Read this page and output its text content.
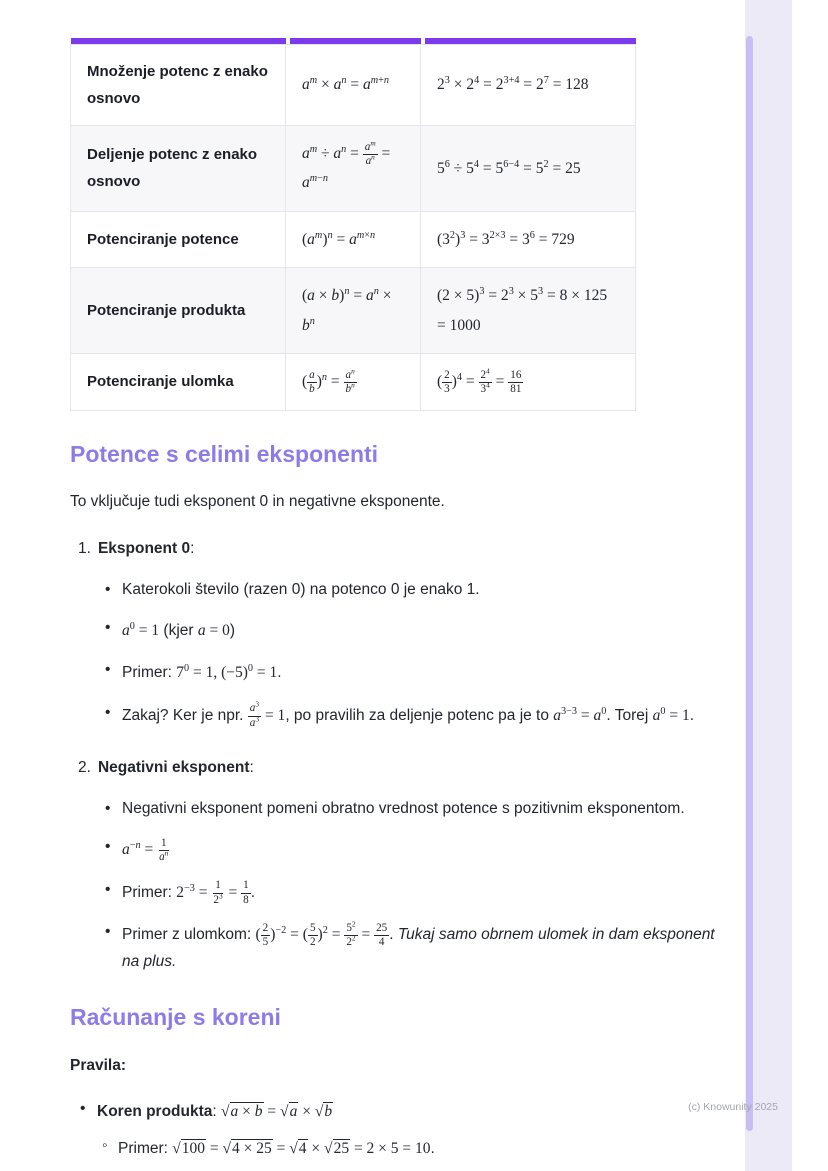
Množenje potenc z enako osnovo	$a^m \times a^n = a^{m+n}$	$2^3 \times 2^4 = 2^{3+4} = 2^7 = 128$
Deljenje potenc z enako osnovo	$a^m \div a^n = \frac{a^m}{a^n} = a^{m-n}$	$5^6 \div 5^4 = 5^{6-4} = 5^2 = 25$
Potenciranje potence	$(a^m)^n = a^{m\times n}$	$(3^2)^3 = 3^{2\times 3} = 3^6 = 729$
Potenciranje produkta	$(a \times b)^n = a^n \times b^n$	$(2 \times 5)^3 = 2^3 \times 5^3 = 8 \times 125 = 1000$
Potenciranje ulomka	( $\frac{a}{b} )^n = \frac{a^n}{b^n}$	( $\frac{2}{3} )^4 = \frac{2^4}{3^4} = \frac{16}{81}$
Potence s celimi eksponenti

To vključuje tudi eksponent 0 in negativne eksponente.

1. Eksponent 0:
• Katerokoli število (razen 0) na potenco 0 je enako 1.
• $a^0 = 1$ (kjer a = 0)
• Primer: $7^0 = 1$, $(-5)^0 = 1$.
• Zakaj? Ker je npr. $\frac{a^3}{a^3} = 1$, po pravilih za deljenje potenc pa je to $a^{3-3} = a^0$. Torej $a^0 = 1$.
2. Negativni eksponent:
• Negativni eksponent pomeni obratno vrednost potence s pozitivnim eksponentom.
• $a^{-n} = \frac{1}{a^n}$
• Primer: $2^{-3} = \frac{1}{2^3} = \frac{1}{8}$ .
• Primer z ulomkom: ( $\frac{2}{5} )^{-2}$ = ( $\frac{5}{2} )^2 = \frac{5^2}{2^2} = \frac{25}{4}$ . Tukaj samo obrnem ulomek in dam eksponent na plus.
Računanje s koreni

Pravila:

• Koren produkta: √a × b = √a × √b
◦ Primer: √100 = √4 × 25 = √4 × √25 = 2 × 5 = 10.
(c) Knowunity 2025
